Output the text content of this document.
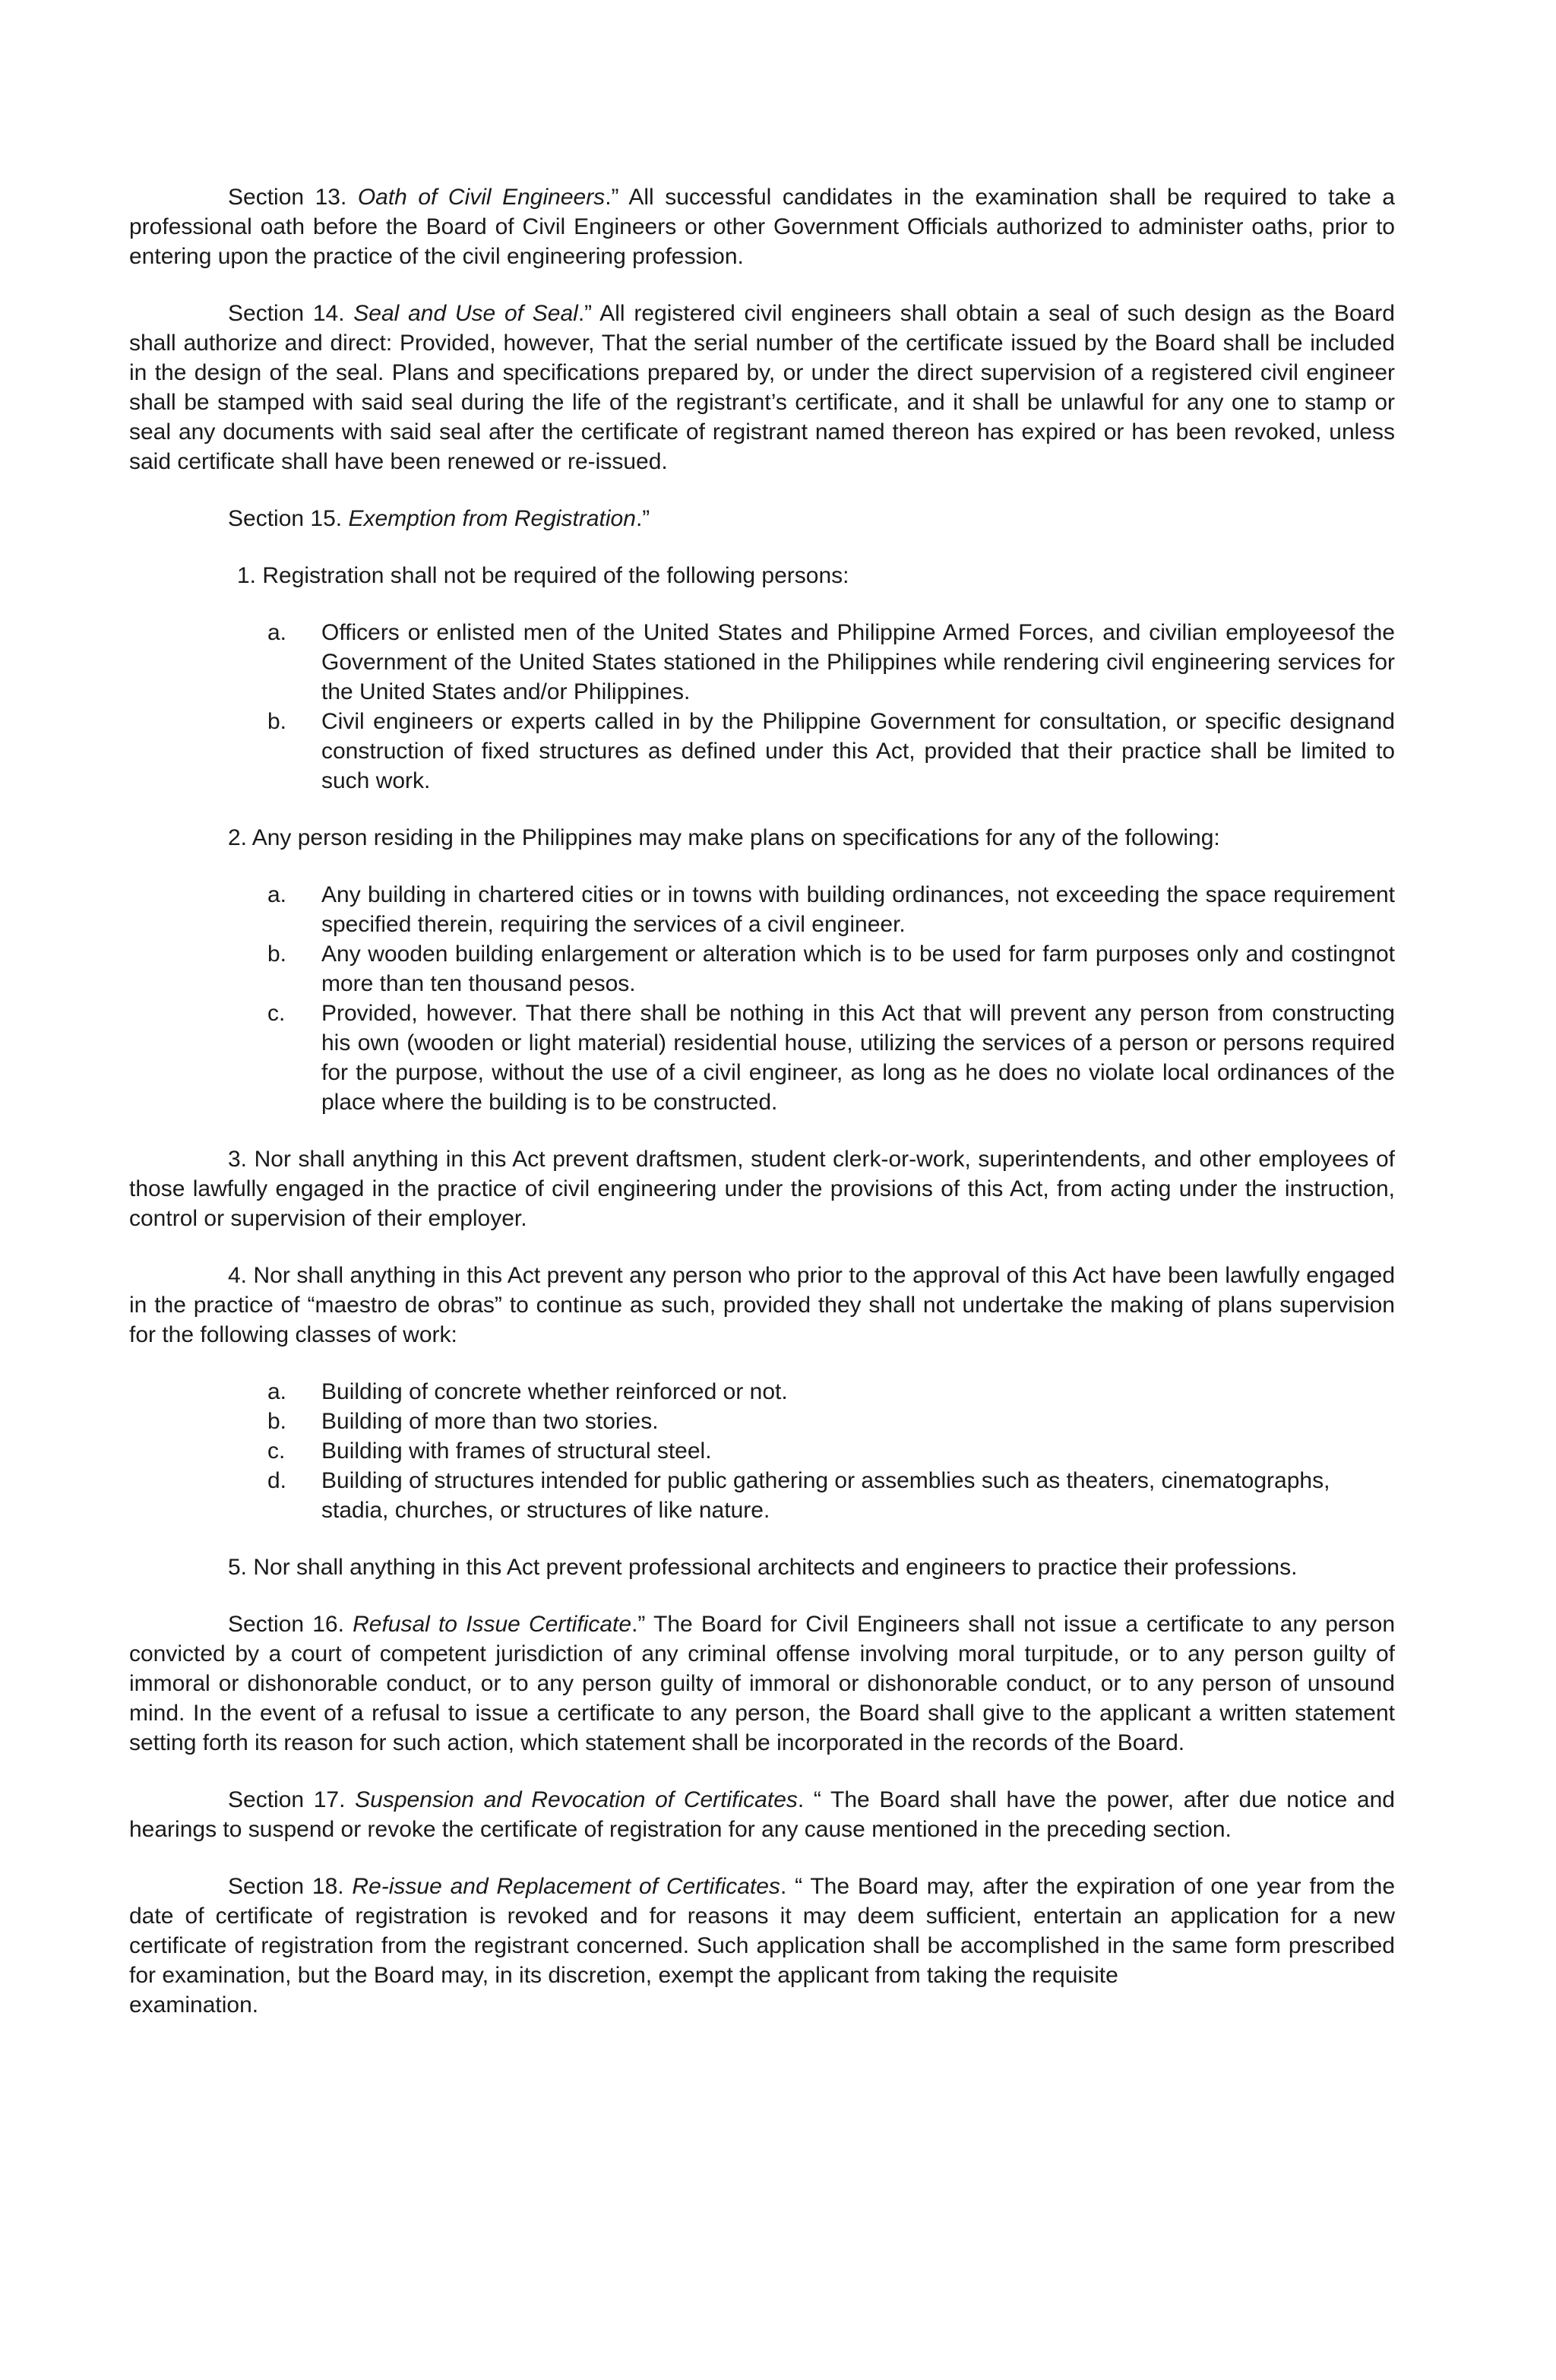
Section 13. Oath of Civil Engineers.” All successful candidates in the examination shall be required to take a professional oath before the Board of Civil Engineers or other Government Officials authorized to administer oaths, prior to entering upon the practice of the civil engineering profession.

Section 14. Seal and Use of Seal.” All registered civil engineers shall obtain a seal of such design as the Board shall authorize and direct: Provided, however, That the serial number of the certificate issued by the Board shall be included in the design of the seal. Plans and specifications prepared by, or under the direct supervision of a registered civil engineer shall be stamped with said seal during the life of the registrant’s certificate, and it shall be unlawful for any one to stamp or seal any documents with said seal after the certificate of registrant named thereon has expired or has been revoked, unless said certificate shall have been renewed or re-issued.

Section 15. Exemption from Registration.”

1. Registration shall not be required of the following persons:

a. Officers or enlisted men of the United States and Philippine Armed Forces, and civilian employeesof the Government of the United States stationed in the Philippines while rendering civil engineering services for the United States and/or Philippines.
b. Civil engineers or experts called in by the Philippine Government for consultation, or specific designand construction of fixed structures as defined under this Act, provided that their practice shall be limited to such work.

2. Any person residing in the Philippines may make plans on specifications for any of the following:

a. Any building in chartered cities or in towns with building ordinances, not exceeding the space requirement specified therein, requiring the services of a civil engineer.
b. Any wooden building enlargement or alteration which is to be used for farm purposes only and costingnot more than ten thousand pesos.
c. Provided, however. That there shall be nothing in this Act that will prevent any person from constructing his own (wooden or light material) residential house, utilizing the services of a person or persons required for the purpose, without the use of a civil engineer, as long as he does no violate local ordinances of the place where the building is to be constructed.

3. Nor shall anything in this Act prevent draftsmen, student clerk-or-work, superintendents, and other employees of those lawfully engaged in the practice of civil engineering under the provisions of this Act, from acting under the instruction, control or supervision of their employer.

4. Nor shall anything in this Act prevent any person who prior to the approval of this Act have been lawfully engaged in the practice of “maestro de obras” to continue as such, provided they shall not undertake the making of plans supervision for the following classes of work:

a. Building of concrete whether reinforced or not.
b. Building of more than two stories.
c. Building with frames of structural steel.
d. Building of structures intended for public gathering or assemblies such as theaters, cinematographs, stadia, churches, or structures of like nature.

5. Nor shall anything in this Act prevent professional architects and engineers to practice their professions.

Section 16. Refusal to Issue Certificate.” The Board for Civil Engineers shall not issue a certificate to any person convicted by a court of competent jurisdiction of any criminal offense involving moral turpitude, or to any person guilty of immoral or dishonorable conduct, or to any person guilty of immoral or dishonorable conduct, or to any person of unsound mind. In the event of a refusal to issue a certificate to any person, the Board shall give to the applicant a written statement setting forth its reason for such action, which statement shall be incorporated in the records of the Board.

Section 17. Suspension and Revocation of Certificates. “ The Board shall have the power, after due notice and hearings to suspend or revoke the certificate of registration for any cause mentioned in the preceding section.

Section 18. Re-issue and Replacement of Certificates. “ The Board may, after the expiration of one year from the date of certificate of registration is revoked and for reasons it may deem sufficient, entertain an application for a new certificate of registration from the registrant concerned. Such application shall be accomplished in the same form prescribed for examination, but the Board may, in its discretion, exempt the applicant from taking the requisite

examination.
